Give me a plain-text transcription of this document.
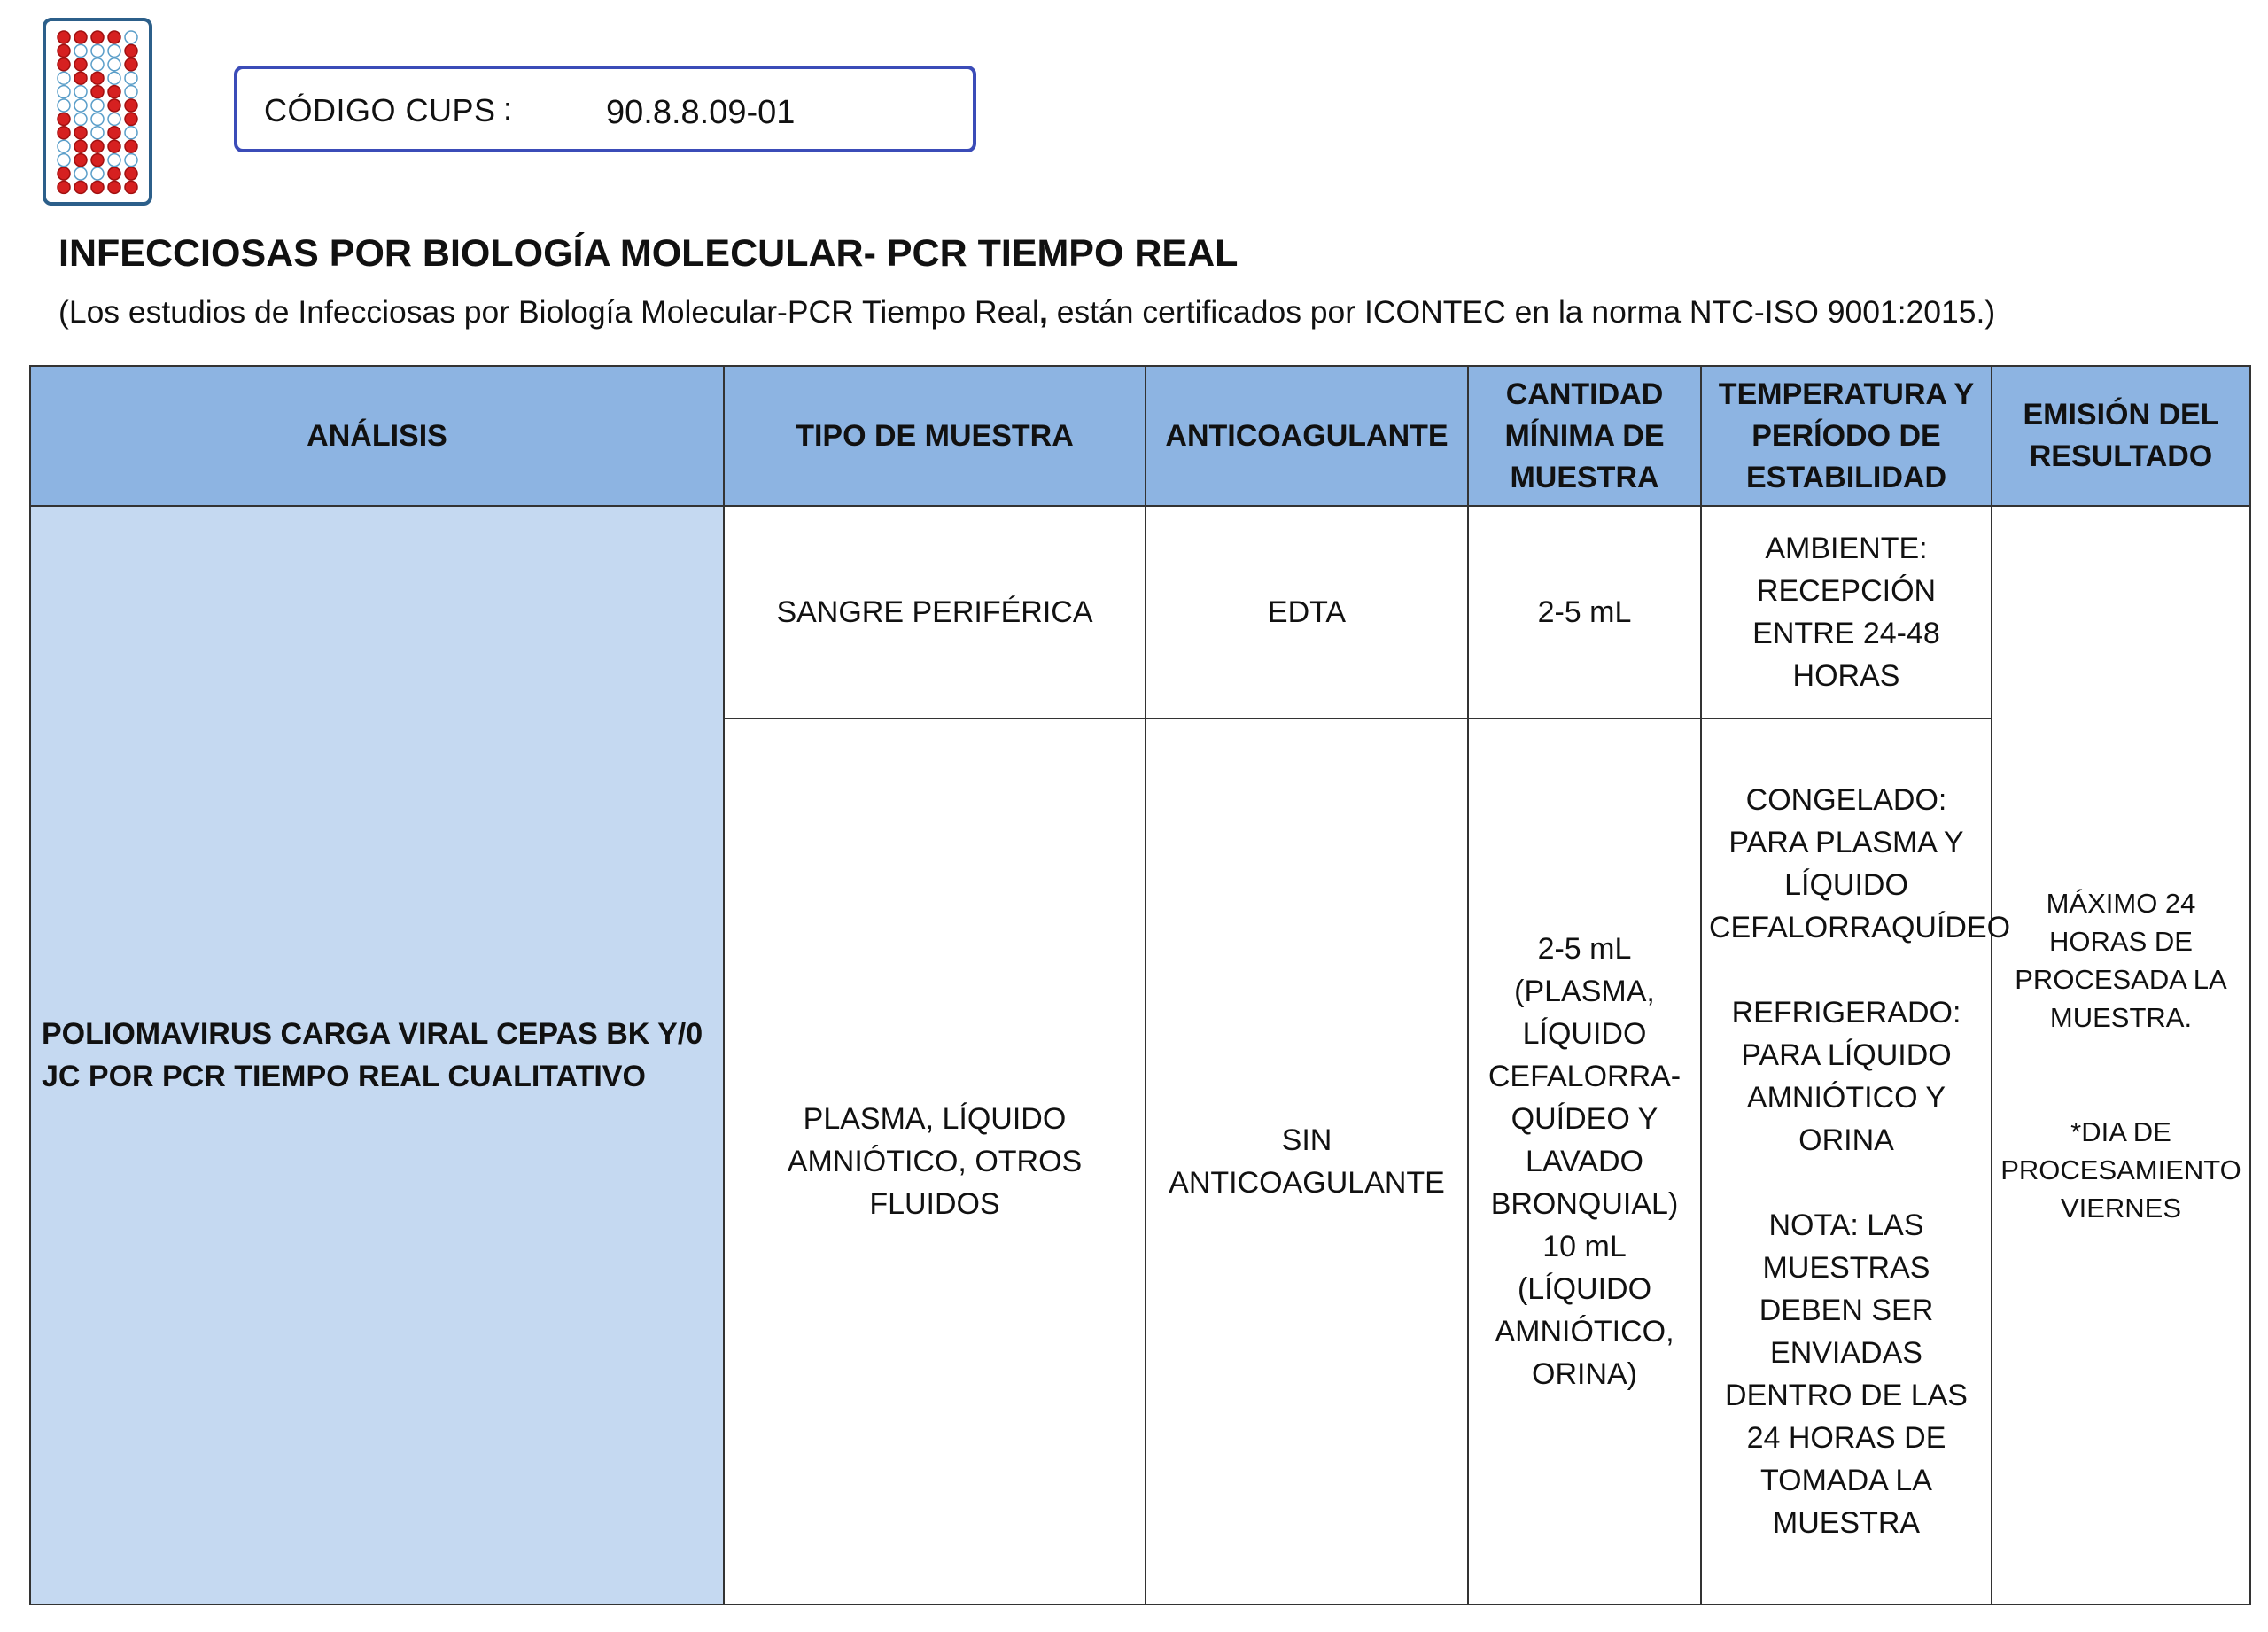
CÓDIGO CUPS :	90.8.8.09-01
INFECCIOSAS POR BIOLOGÍA MOLECULAR- PCR TIEMPO REAL
(Los estudios de Infecciosas por Biología Molecular-PCR Tiempo Real, están certificados por ICONTEC en la norma NTC-ISO 9001:2015.)
ANÁLISIS	TIPO DE MUESTRA	ANTICOAGULANTE	CANTIDAD MÍNIMA DE MUESTRA	TEMPERATURA Y PERÍODO DE ESTABILIDAD	EMISIÓN DEL RESULTADO
POLIOMAVIRUS CARGA VIRAL CEPAS BK Y/0 JC POR PCR TIEMPO REAL CUALITATIVO	SANGRE PERIFÉRICA	EDTA	2-5 mL	AMBIENTE: RECEPCIÓN ENTRE 24-48 HORAS	MÁXIMO 24 HORAS DE PROCESADA LA MUESTRA.
*DIA DE PROCESAMIENTO VIERNES

	PLASMA, LÍQUIDO AMNIÓTICO, OTROS FLUIDOS	SIN ANTICOAGULANTE	2-5 mL (PLASMA, LÍQUIDO CEFALORRA-QUÍDEO Y LAVADO BRONQUIAL) 10 mL (LÍQUIDO AMNIÓTICO, ORINA)	CONGELADO: PARA PLASMA Y LÍQUIDO CEFALORRAQUÍDEO
REFRIGERADO: PARA LÍQUIDO AMNIÓTICO Y ORINA
NOTA: LAS MUESTRAS DEBEN SER ENVIADAS DENTRO DE LAS 24 HORAS DE TOMADA LA MUESTRA	
